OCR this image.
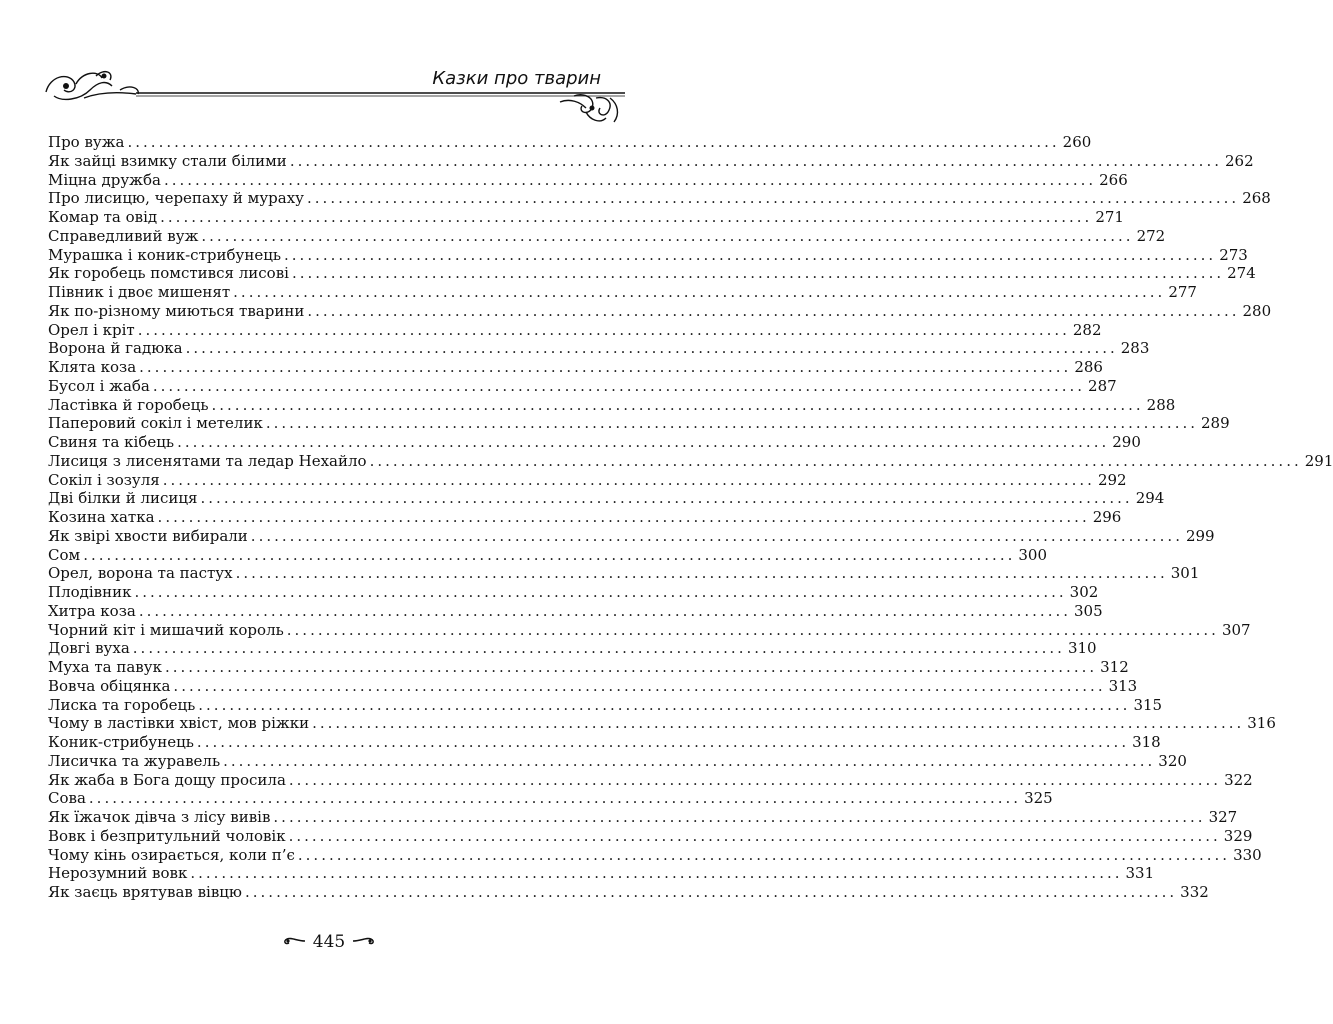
Казки про тварин
Про вужа ........................................................................................................................ 260
Як зайці взимку стали білими ........................................................................................................................ 262
Міцна дружба ........................................................................................................................ 266
Про лисицю, черепаху й мураху ........................................................................................................................ 268
Комар та овід ........................................................................................................................ 271
Справедливий вуж ........................................................................................................................ 272
Мурашка і коник-стрибунець ........................................................................................................................ 273
Як горобець помстився лисові ........................................................................................................................ 274
Півник і двоє мишенят ........................................................................................................................ 277
Як по-різному миються тварини ........................................................................................................................ 280
Орел і кріт ........................................................................................................................ 282
Ворона й гадюка ........................................................................................................................ 283
Клята коза ........................................................................................................................ 286
Бусол і жаба ........................................................................................................................ 287
Ластівка й горобець ........................................................................................................................ 288
Паперовий сокіл і метелик ........................................................................................................................ 289
Свиня та кібець ........................................................................................................................ 290
Лисиця з лисенятами та ледар Нехайло ........................................................................................................................ 291
Сокіл і зозуля ........................................................................................................................ 292
Дві білки й лисиця ........................................................................................................................ 294
Козина хатка ........................................................................................................................ 296
Як звірі хвости вибирали ........................................................................................................................ 299
Сом ........................................................................................................................ 300
Орел, ворона та пастух ........................................................................................................................ 301
Плодівник ........................................................................................................................ 302
Хитра коза ........................................................................................................................ 305
Чорний кіт і мишачий король ........................................................................................................................ 307
Довгі вуха ........................................................................................................................ 310
Муха та павук ........................................................................................................................ 312
Вовча обіцянка ........................................................................................................................ 313
Лиска та горобець ........................................................................................................................ 315
Чому в ластівки хвіст, мов ріжки ........................................................................................................................ 316
Коник-стрибунець ........................................................................................................................ 318
Лисичка та журавель ........................................................................................................................ 320
Як жаба в Бога дощу просила ........................................................................................................................ 322
Сова ........................................................................................................................ 325
Як їжачок дівча з лісу вивів ........................................................................................................................ 327
Вовк і безпритульний чоловік ........................................................................................................................ 329
Чому кінь озирається, коли п’є ........................................................................................................................ 330
Нерозумний вовк ........................................................................................................................ 331
Як заєць врятував вівцю ........................................................................................................................ 332
445
